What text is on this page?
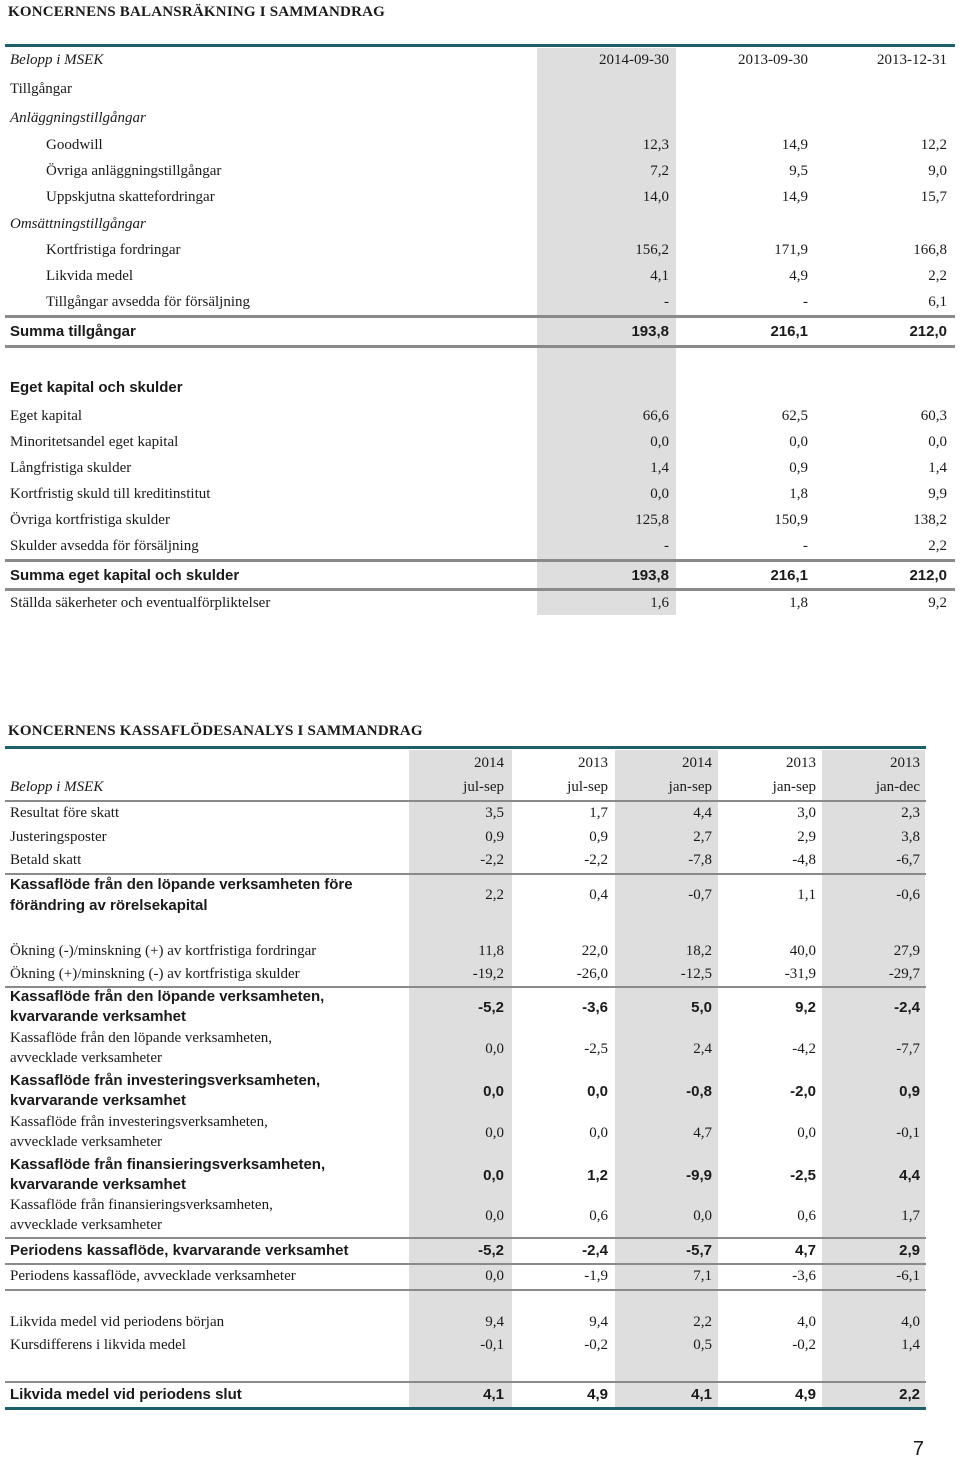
KONCERNENS BALANSRÄKNING I SAMMANDRAG
Belopp i MSEK	2014-09-30	2013-09-30	2013-12-31
Tillgångar
Anläggningstillgångar
Goodwill	12,3	14,9	12,2
Övriga anläggningstillgångar	7,2	9,5	9,0
Uppskjutna skattefordringar	14,0	14,9	15,7
Omsättningstillgångar
Kortfristiga fordringar	156,2	171,9	166,8
Likvida medel	4,1	4,9	2,2
Tillgångar avsedda för försäljning	-	-	6,1
Summa tillgångar	193,8	216,1	212,0
Eget kapital och skulder
Eget kapital	66,6	62,5	60,3
Minoritetsandel eget kapital	0,0	0,0	0,0
Långfristiga skulder	1,4	0,9	1,4
Kortfristig skuld till kreditinstitut	0,0	1,8	9,9
Övriga kortfristiga skulder	125,8	150,9	138,2
Skulder avsedda för försäljning	-	-	2,2
Summa eget kapital och skulder	193,8	216,1	212,0
Ställda säkerheter och eventualförpliktelser	1,6	1,8	9,2
KONCERNENS KASSAFLÖDESANALYS I SAMMANDRAG
2014	2013	2014	2013	2013
Belopp i MSEK	jul-sep	jul-sep	jan-sep	jan-sep	jan-dec
Resultat före skatt	3,5	1,7	4,4	3,0	2,3
Justeringsposter	0,9	0,9	2,7	2,9	3,8
Betald skatt	-2,2	-2,2	-7,8	-4,8	-6,7
Kassaflöde från den löpande verksamheten före
förändring av rörelsekapital
2,2	0,4	-0,7	1,1	-0,6
Ökning (-)/minskning (+) av kortfristiga fordringar	11,8	22,0	18,2	40,0	27,9
Ökning (+)/minskning (-) av kortfristiga skulder	-19,2	-26,0	-12,5	-31,9	-29,7
Kassaflöde från den löpande verksamheten,
kvarvarande verksamhet
-5,2	-3,6	5,0	9,2	-2,4
Kassaflöde från den löpande verksamheten,
avvecklade verksamheter
0,0	-2,5	2,4	-4,2	-7,7
Kassaflöde från investeringsverksamheten,
kvarvarande verksamhet
0,0	0,0	-0,8	-2,0	0,9
Kassaflöde från investeringsverksamheten,
avvecklade verksamheter
0,0	0,0	4,7	0,0	-0,1
Kassaflöde från finansieringsverksamheten,
kvarvarande verksamhet
0,0	1,2	-9,9	-2,5	4,4
Kassaflöde från finansieringsverksamheten,
avvecklade verksamheter
0,0	0,6	0,0	0,6	1,7
Periodens kassaflöde, kvarvarande verksamhet	-5,2	-2,4	-5,7	4,7	2,9
Periodens kassaflöde, avvecklade verksamheter	0,0	-1,9	7,1	-3,6	-6,1
Likvida medel vid periodens början	9,4	9,4	2,2	4,0	4,0
Kursdifferens i likvida medel	-0,1	-0,2	0,5	-0,2	1,4
Likvida medel vid periodens slut	4,1	4,9	4,1	4,9	2,2
7
